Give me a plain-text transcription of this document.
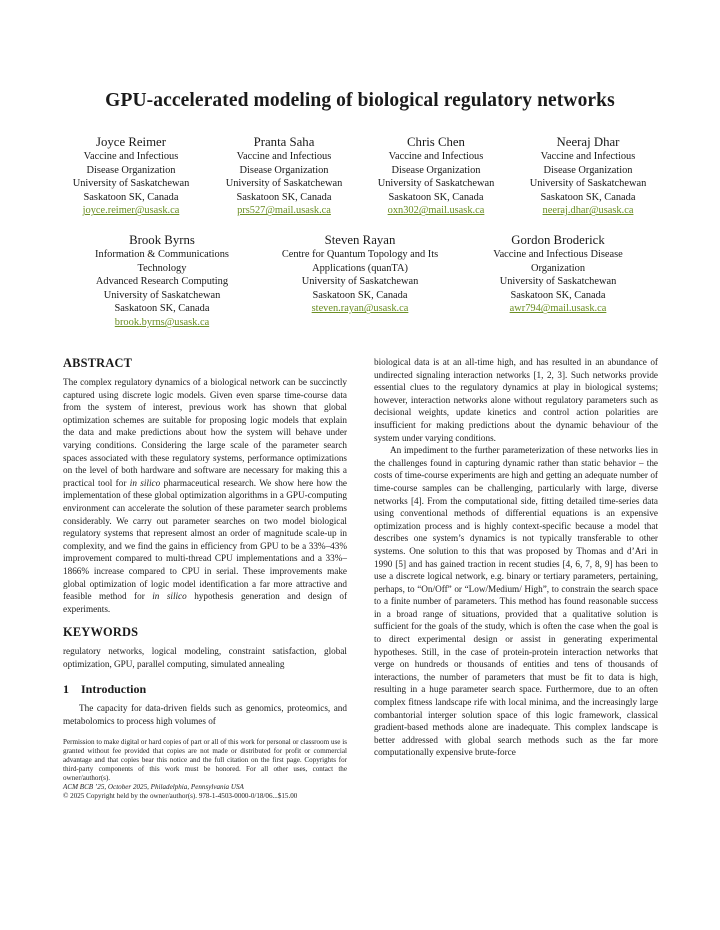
GPU-accelerated modeling of biological regulatory networks
Joyce Reimer
Vaccine and Infectious
Disease Organization
University of Saskatchewan
Saskatoon SK, Canada
joyce.reimer@usask.ca
Pranta Saha
Vaccine and Infectious
Disease Organization
University of Saskatchewan
Saskatoon SK, Canada
prs527@mail.usask.ca
Chris Chen
Vaccine and Infectious
Disease Organization
University of Saskatchewan
Saskatoon SK, Canada
oxn302@mail.usask.ca
Neeraj Dhar
Vaccine and Infectious
Disease Organization
University of Saskatchewan
Saskatoon SK, Canada
neeraj.dhar@usask.ca
Brook Byrns
Information & Communications
Technology
Advanced Research Computing
University of Saskatchewan
Saskatoon SK, Canada
brook.byrns@usask.ca
Steven Rayan
Centre for Quantum Topology and Its
Applications (quanTA)
University of Saskatchewan
Saskatoon SK, Canada
steven.rayan@usask.ca
Gordon Broderick
Vaccine and Infectious Disease
Organization
University of Saskatchewan
Saskatoon SK, Canada
awr794@mail.usask.ca
ABSTRACT

The complex regulatory dynamics of a biological network can be succinctly captured using discrete logic models. Given even sparse time-course data from the system of interest, previous work has shown that global optimization schemes are suitable for proposing logic models that explain the data and make predictions about how the system will behave under varying conditions. Considering the large scale of the parameter search spaces associated with these regulatory systems, performance optimizations on the level of both hardware and software are necessary for making this a practical tool for in silico pharmaceutical research. We show here how the implementation of these global optimization algorithms in a GPU-computing environment can accelerate the solution of these parameter search problems considerably. We carry out parameter searches on two model biological regulatory systems that represent almost an order of magnitude scale-up in complexity, and we find the gains in efficiency from GPU to be a 33%–43% improvement compared to multi-thread CPU implementations and a 33%–1866% increase compared to CPU in serial. These improvements make global optimization of logic model identification a far more attractive and feasible method for in silico hypothesis generation and design of experiments.

KEYWORDS

regulatory networks, logical modeling, constraint satisfaction, global optimization, GPU, parallel computing, simulated annealing

1 Introduction

The capacity for data-driven fields such as genomics, proteomics, and metabolomics to process high volumes of

Permission to make digital or hard copies of part or all of this work for personal or classroom use is granted without fee provided that copies are not made or distributed for profit or commercial advantage and that copies bear this notice and the full citation on the first page. Copyrights for third-party components of this work must be honored. For all other uses, contact the owner/author(s).

ACM BCB ’25, October 2025, Philadelphia, Pennsylvania USA

© 2025 Copyright held by the owner/author(s). 978-1-4503-0000-0/18/06...$15.00

biological data is at an all-time high, and has resulted in an abundance of undirected signaling interaction networks [1, 2, 3]. Such networks provide essential clues to the regulatory dynamics at play in biological systems; however, interaction networks alone without regulatory parameters such as decisional weights, update kinetics and control action polarities are insufficient for making predictions about the dynamic behaviour of the system under varying conditions.

An impediment to the further parameterization of these networks lies in the challenges found in capturing dynamic rather than static behavior – the costs of time-course experiments are high and getting an adequate number of time-course samples can be challenging, particularly with large, diverse networks [4]. From the computational side, fitting detailed time-series data using conventional methods of differential equations is an expensive optimization process and is highly context-specific because a model that describes one system’s dynamics is not typically transferable to other systems. One solution to this that was proposed by Thomas and d’Ari in 1990 [5] and has gained traction in recent studies [4, 6, 7, 8, 9] has been to use a discrete logical network, e.g. binary or tertiary parameters, pertaining, perhaps, to “On/Off” or “Low/Medium/ High”, to constrain the search space to a finite number of parameters. This method has found reasonable success in a broad range of situations, provided that a qualitative solution is sufficient for the goals of the study, which is often the case when the goal is to direct experimental design or assist in generating experimental hypotheses. Still, in the case of protein-protein interaction networks that verge on hundreds or thousands of entities and tens of thousands of interactions, the number of parameters that must be fit to data is high, resulting in a huge parameter search space. Furthermore, due to an often complex fitness landscape rife with local minima, and the increasingly large combantorial interger solution space of this logic framework, classical gradient-based methods alone are inadequate. This complex landscape is better addressed with global search methods such as the far more computationally expensive brute-force
